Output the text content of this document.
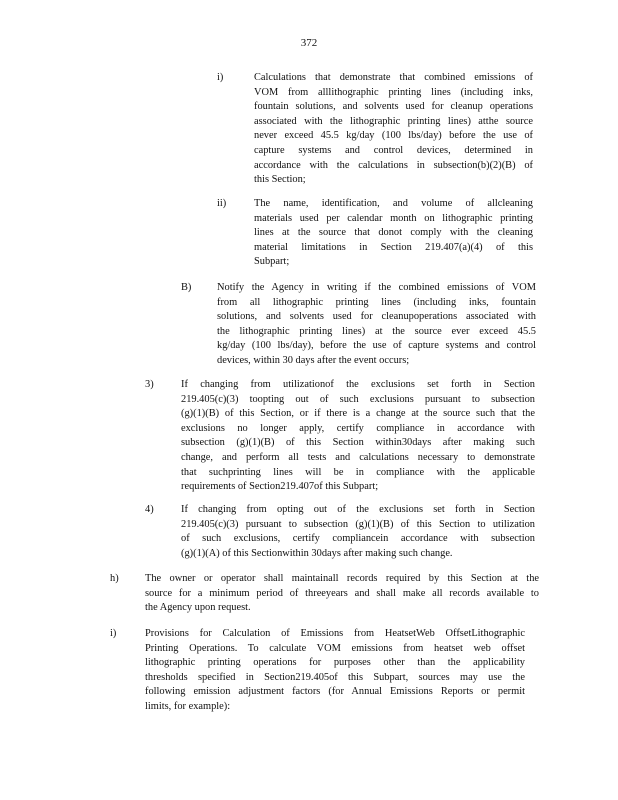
372
i)	Calculations that demonstrate that combined emissions of
VOM from alllithographic printing lines (including inks,
fountain solutions, and solvents used for cleanup operations
associated with the lithographic printing lines) atthe source
never exceed 45.5 kg/day (100 lbs/day) before the use of
capture systems and control devices, determined in
accordance with the calculations in subsection(b)(2)(B) of
this Section;
ii)	The name, identification, and volume of allcleaning
materials used per calendar month on lithographic printing
lines at the source that donot comply with the cleaning
material limitations in Section 219.407(a)(4) of this
Subpart;
B) Notify the Agency in writing if the combined emissions of VOM
from all lithographic printing lines (including inks, fountain
solutions, and solvents used for cleanupoperations associated with
the lithographic printing lines) at the source ever exceed 45.5
kg/day (100 lbs/day), before the use of capture systems and control
devices, within 30 days after the event occurs;
3)	If changing from utilizationof the exclusions set forth in Section
219.405(c)(3) toopting out of such exclusions pursuant to subsection
(g)(1)(B) of this Section, or if there is a change at the source such that the
exclusions no longer apply, certify compliance in accordance with
subsection (g)(1)(B) of this Section within30days after making such
change, and perform all tests and calculations necessary to demonstrate
that suchprinting lines will be in compliance with the applicable
requirements of Section219.407of this Subpart;
4)	If changing from opting out of the exclusions set forth in Section
219.405(c)(3) pursuant to subsection (g)(1)(B) of this Section to utilization
of such exclusions, certify compliancein accordance with subsection
(g)(1)(A) of this Sectionwithin 30days after making such change.
h)	The owner or operator shall maintainall records required by this Section at the
source for a minimum period of threeyears and shall make all records available to
the Agency upon request.
i)	Provisions for Calculation of Emissions from HeatsetWeb OffsetLithographic
Printing Operations. To calculate VOM emissions from heatset web offset
lithographic printing operations for purposes other than the applicability
thresholds specified in Section219.405of this Subpart, sources may use the
following emission adjustment factors (for Annual Emissions Reports or permit
limits, for example):
